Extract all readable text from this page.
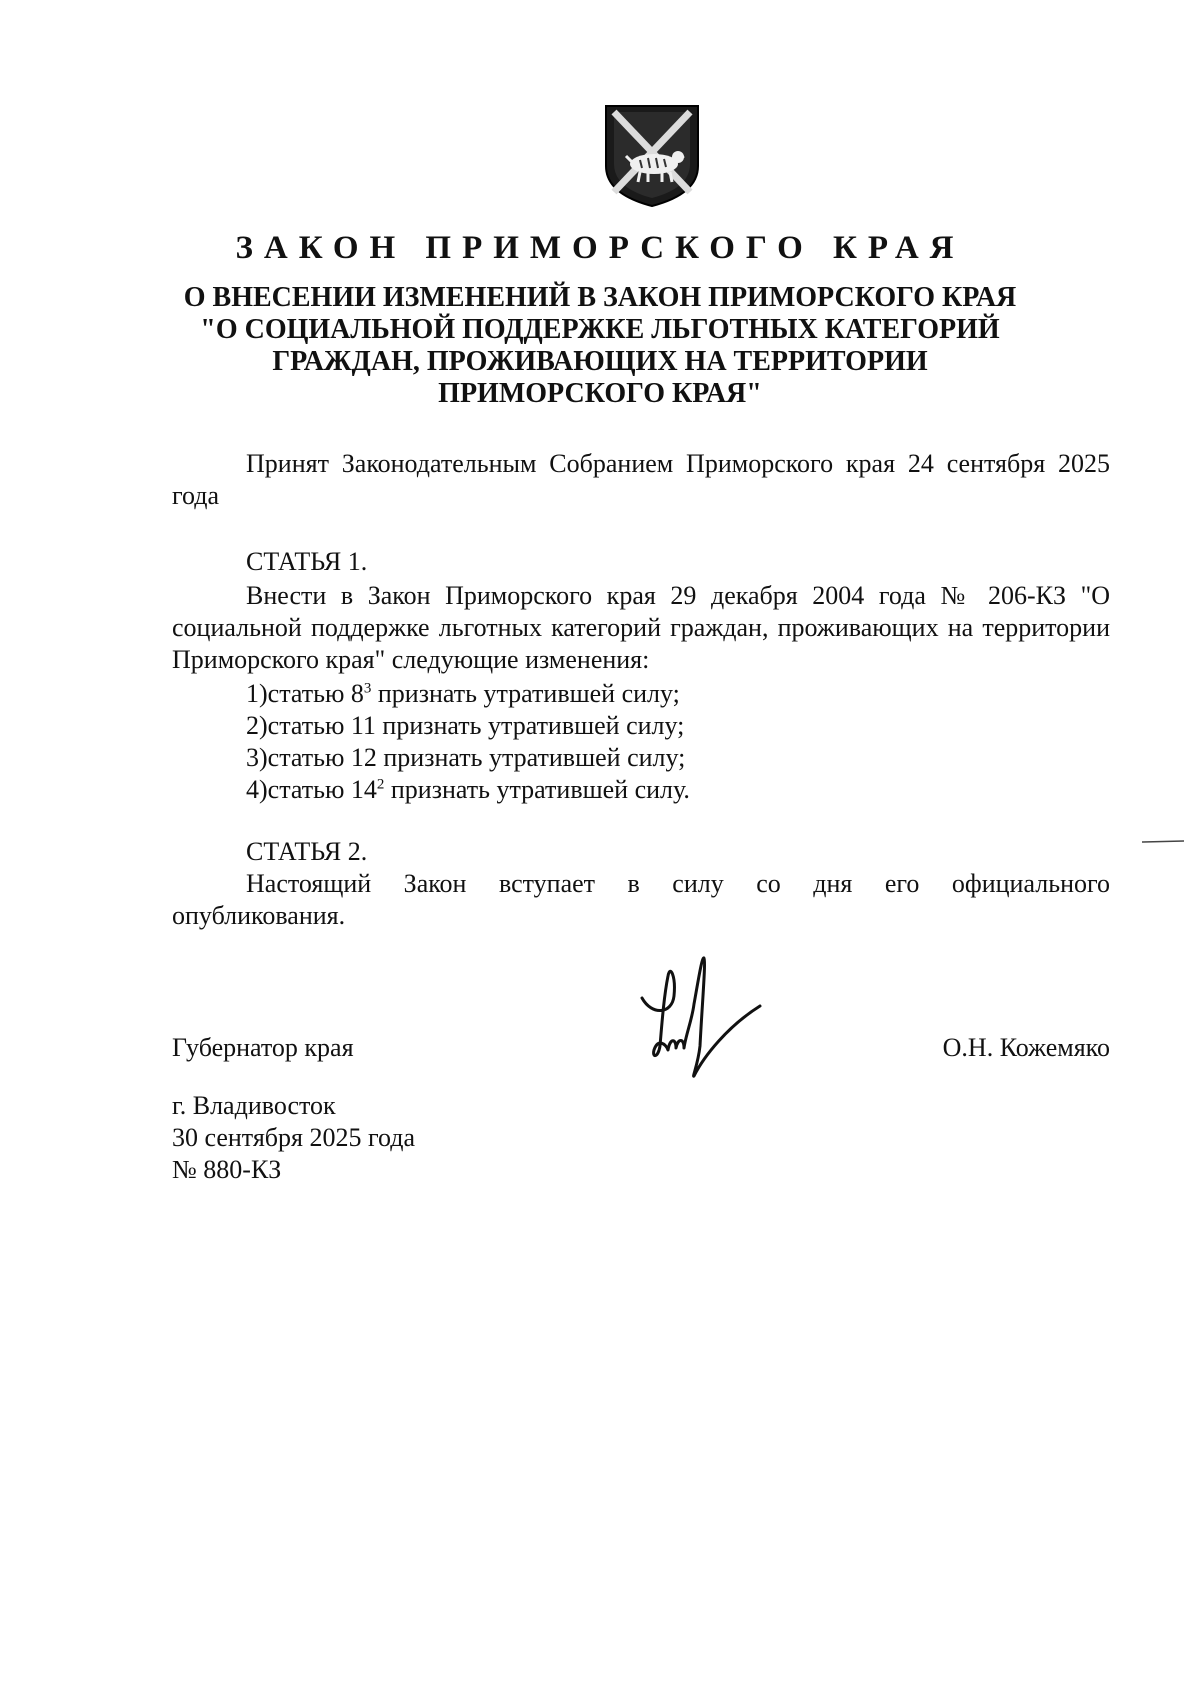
ЗАКОН ПРИМОРСКОГО КРАЯ
О ВНЕСЕНИИ ИЗМЕНЕНИЙ В ЗАКОН ПРИМОРСКОГО КРАЯ
"О СОЦИАЛЬНОЙ ПОДДЕРЖКЕ ЛЬГОТНЫХ КАТЕГОРИЙ
ГРАЖДАН, ПРОЖИВАЮЩИХ НА ТЕРРИТОРИИ
ПРИМОРСКОГО КРАЯ"

Принят Законодательным Собранием Приморского края 24 сентября 2025 года

СТАТЬЯ 1.

Внести в Закон Приморского края 29 декабря 2004 года № 206-КЗ "О социальной поддержке льготных категорий граждан, проживающих на территории Приморского края" следующие изменения:

1)статью $8^3$ признать утратившей силу;
2)статью 11 признать утратившей силу;
3)статью 12 признать утратившей силу;
4)статью $14^2$ признать утратившей силу.

СТАТЬЯ 2.

Настоящий Закон вступает в силу со дня его официального
опубликования.
Губернатор края	О.Н. Кожемяко
г. Владивосток
30 сентября 2025 года
№ 880-КЗ
